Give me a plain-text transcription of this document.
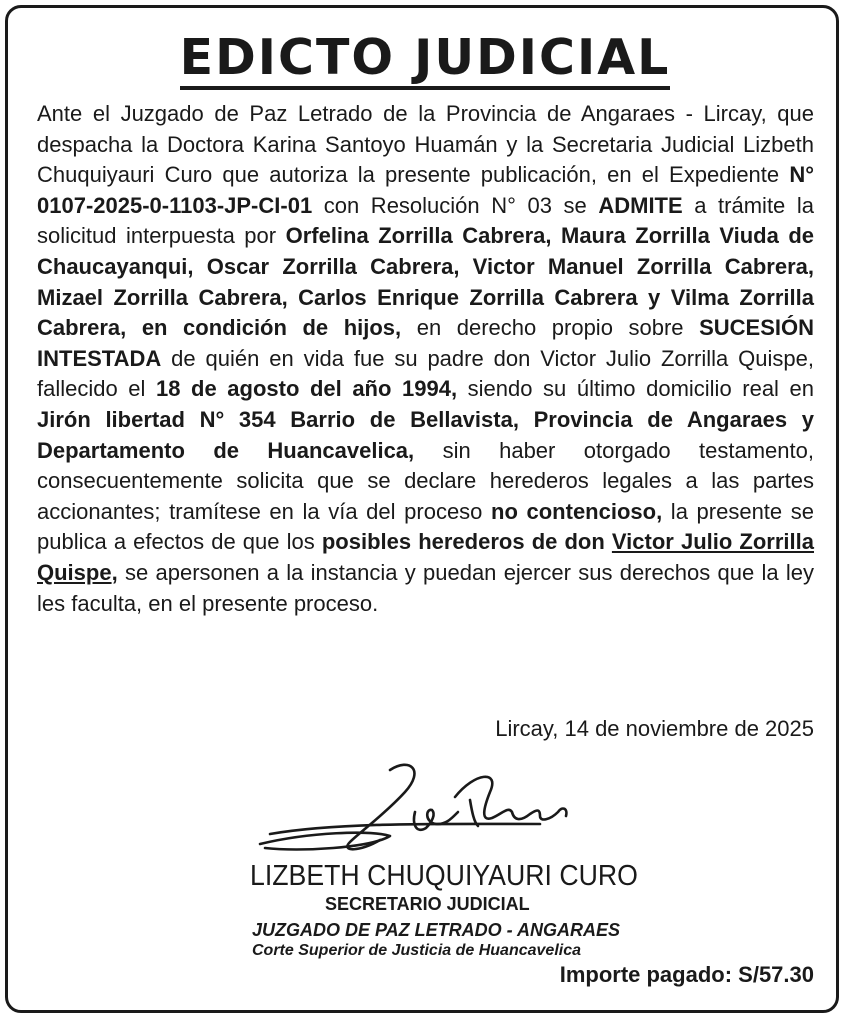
EDICTO JUDICIAL
Ante el Juzgado de Paz Letrado de la Provincia de Angaraes - Lircay, que despacha la Doctora Karina Santoyo Huamán y la Secretaria Judicial Lizbeth Chuquiyauri Curo que autoriza la presente publicación, en el Expediente N° 0107-2025-0-1103-JP-CI-01 con Resolución N° 03 se ADMITE a trámite la solicitud interpuesta por Orfelina Zorrilla Cabrera, Maura Zorrilla Viuda de Chaucayanqui, Oscar Zorrilla Cabrera, Victor Manuel Zorrilla Cabrera, Mizael Zorrilla Cabrera, Carlos Enrique Zorrilla Cabrera y Vilma Zorrilla Cabrera, en condición de hijos, en derecho propio sobre SUCESIÓN INTESTADA de quién en vida fue su padre don Victor Julio Zorrilla Quispe, fallecido el 18 de agosto del año 1994, siendo su último domicilio real en Jirón libertad N° 354 Barrio de Bellavista, Provincia de Angaraes y Departamento de Huancavelica, sin haber otorgado testamento, consecuentemente solicita que se declare herederos legales a las partes accionantes; tramítese en la vía del proceso no contencioso, la presente se publica a efectos de que los posibles herederos de don Victor Julio Zorrilla Quispe, se apersonen a la instancia y puedan ejercer sus derechos que la ley les faculta, en el presente proceso.
Lircay, 14 de noviembre de 2025
LIZBETH CHUQUIYAURI CURO
SECRETARIO JUDICIAL
JUZGADO DE PAZ LETRADO - ANGARAES
Corte Superior de Justicia de Huancavelica
Importe pagado: S/57.30
